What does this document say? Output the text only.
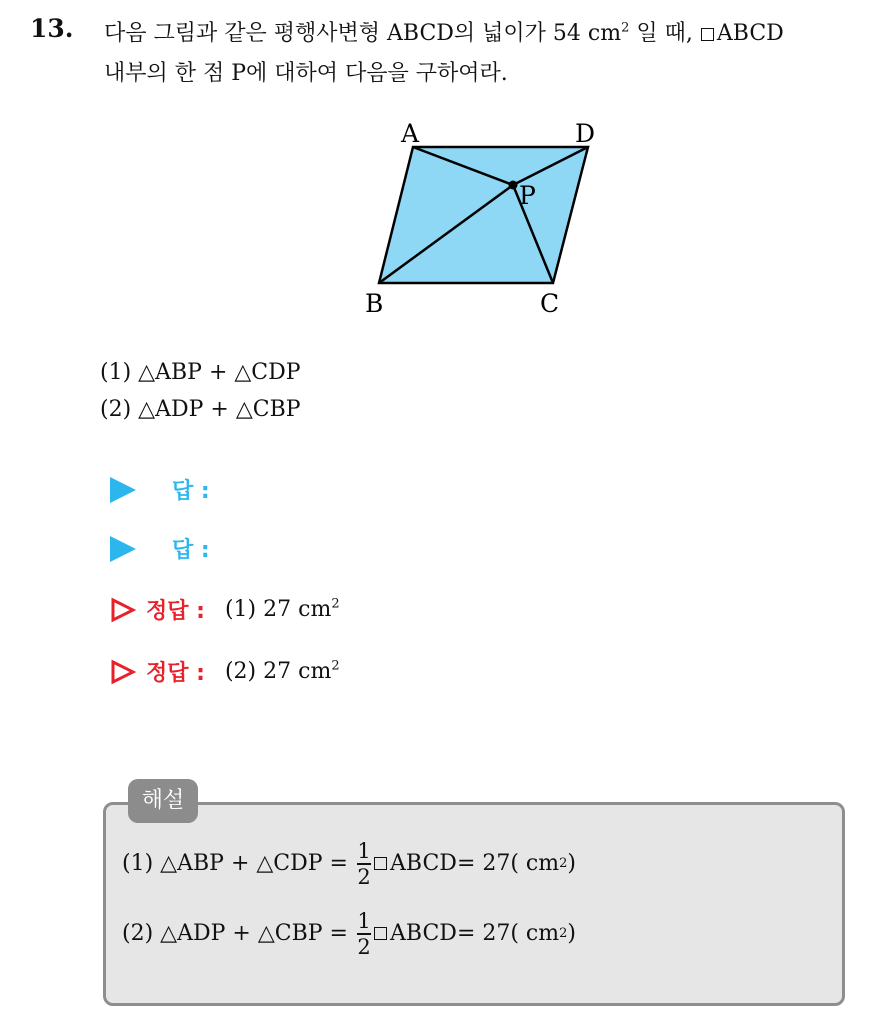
13. 다음 그림과 같은 평행사변형 ABCD의 넓이가 54 $cm^2$ 일 때, ABCD
내부의 한 점 P에 대하여 다음을 구하여라.
A	D
P
B	C
(1) △ABP + △CDP
(2) △ADP + △CBP
답 :
답 :
정답 : (1) 27 $cm^2$
정답 : (2) 27 $cm^2$
해설
(1)
△ABP + △CDP =
$\frac{1}{2}$ ABCD = 27( cm 2 )
(2)
△ADP + △CBP =
$\frac{1}{2}$ ABCD = 27( cm 2 )
